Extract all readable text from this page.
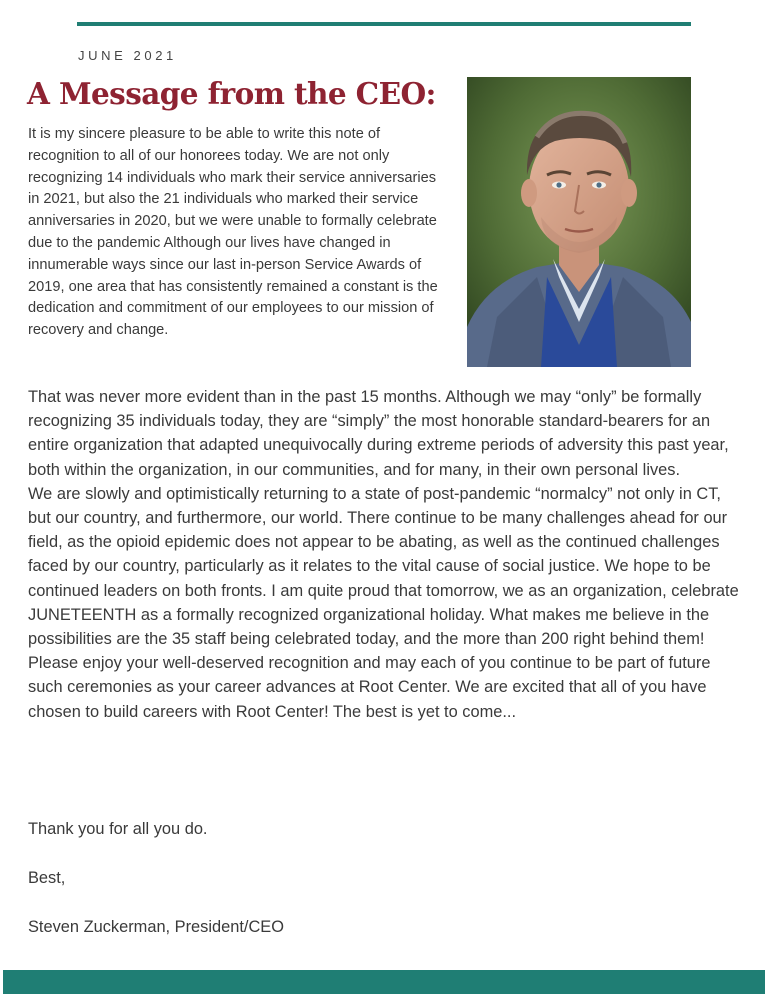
JUNE 2021
A Message from the CEO:

It is my sincere pleasure to be able to write this note of recognition to all of our honorees today. We are not only recognizing 14 individuals who mark their service anniversaries in 2021, but also the 21 individuals who marked their service anniversaries in 2020, but we were unable to formally celebrate due to the pandemic Although our lives have changed in innumerable ways since our last in-person Service Awards of 2019, one area that has consistently remained a constant is the dedication and commitment of our employees to our mission of recovery and change.

That was never more evident than in the past 15 months. Although we may “only” be formally recognizing 35 individuals today, they are “simply” the most honorable standard-bearers for an entire organization that adapted unequivocally during extreme periods of adversity this past year, both within the organization, in our communities, and for many, in their own personal lives.

We are slowly and optimistically returning to a state of post-pandemic “normalcy” not only in CT, but our country, and furthermore, our world. There continue to be many challenges ahead for our field, as the opioid epidemic does not appear to be abating, as well as the continued challenges faced by our country, particularly as it relates to the vital cause of social justice. We hope to be continued leaders on both fronts. I am quite proud that tomorrow, we as an organization, celebrate JUNETEENTH as a formally recognized organizational holiday. What makes me believe in the possibilities are the 35 staff being celebrated today, and the more than 200 right behind them!

Please enjoy your well-deserved recognition and may each of you continue to be part of future such ceremonies as your career advances at Root Center. We are excited that all of you have chosen to build careers with Root Center! The best is yet to come...

Thank you for all you do.

Best,

Steven Zuckerman, President/CEO
